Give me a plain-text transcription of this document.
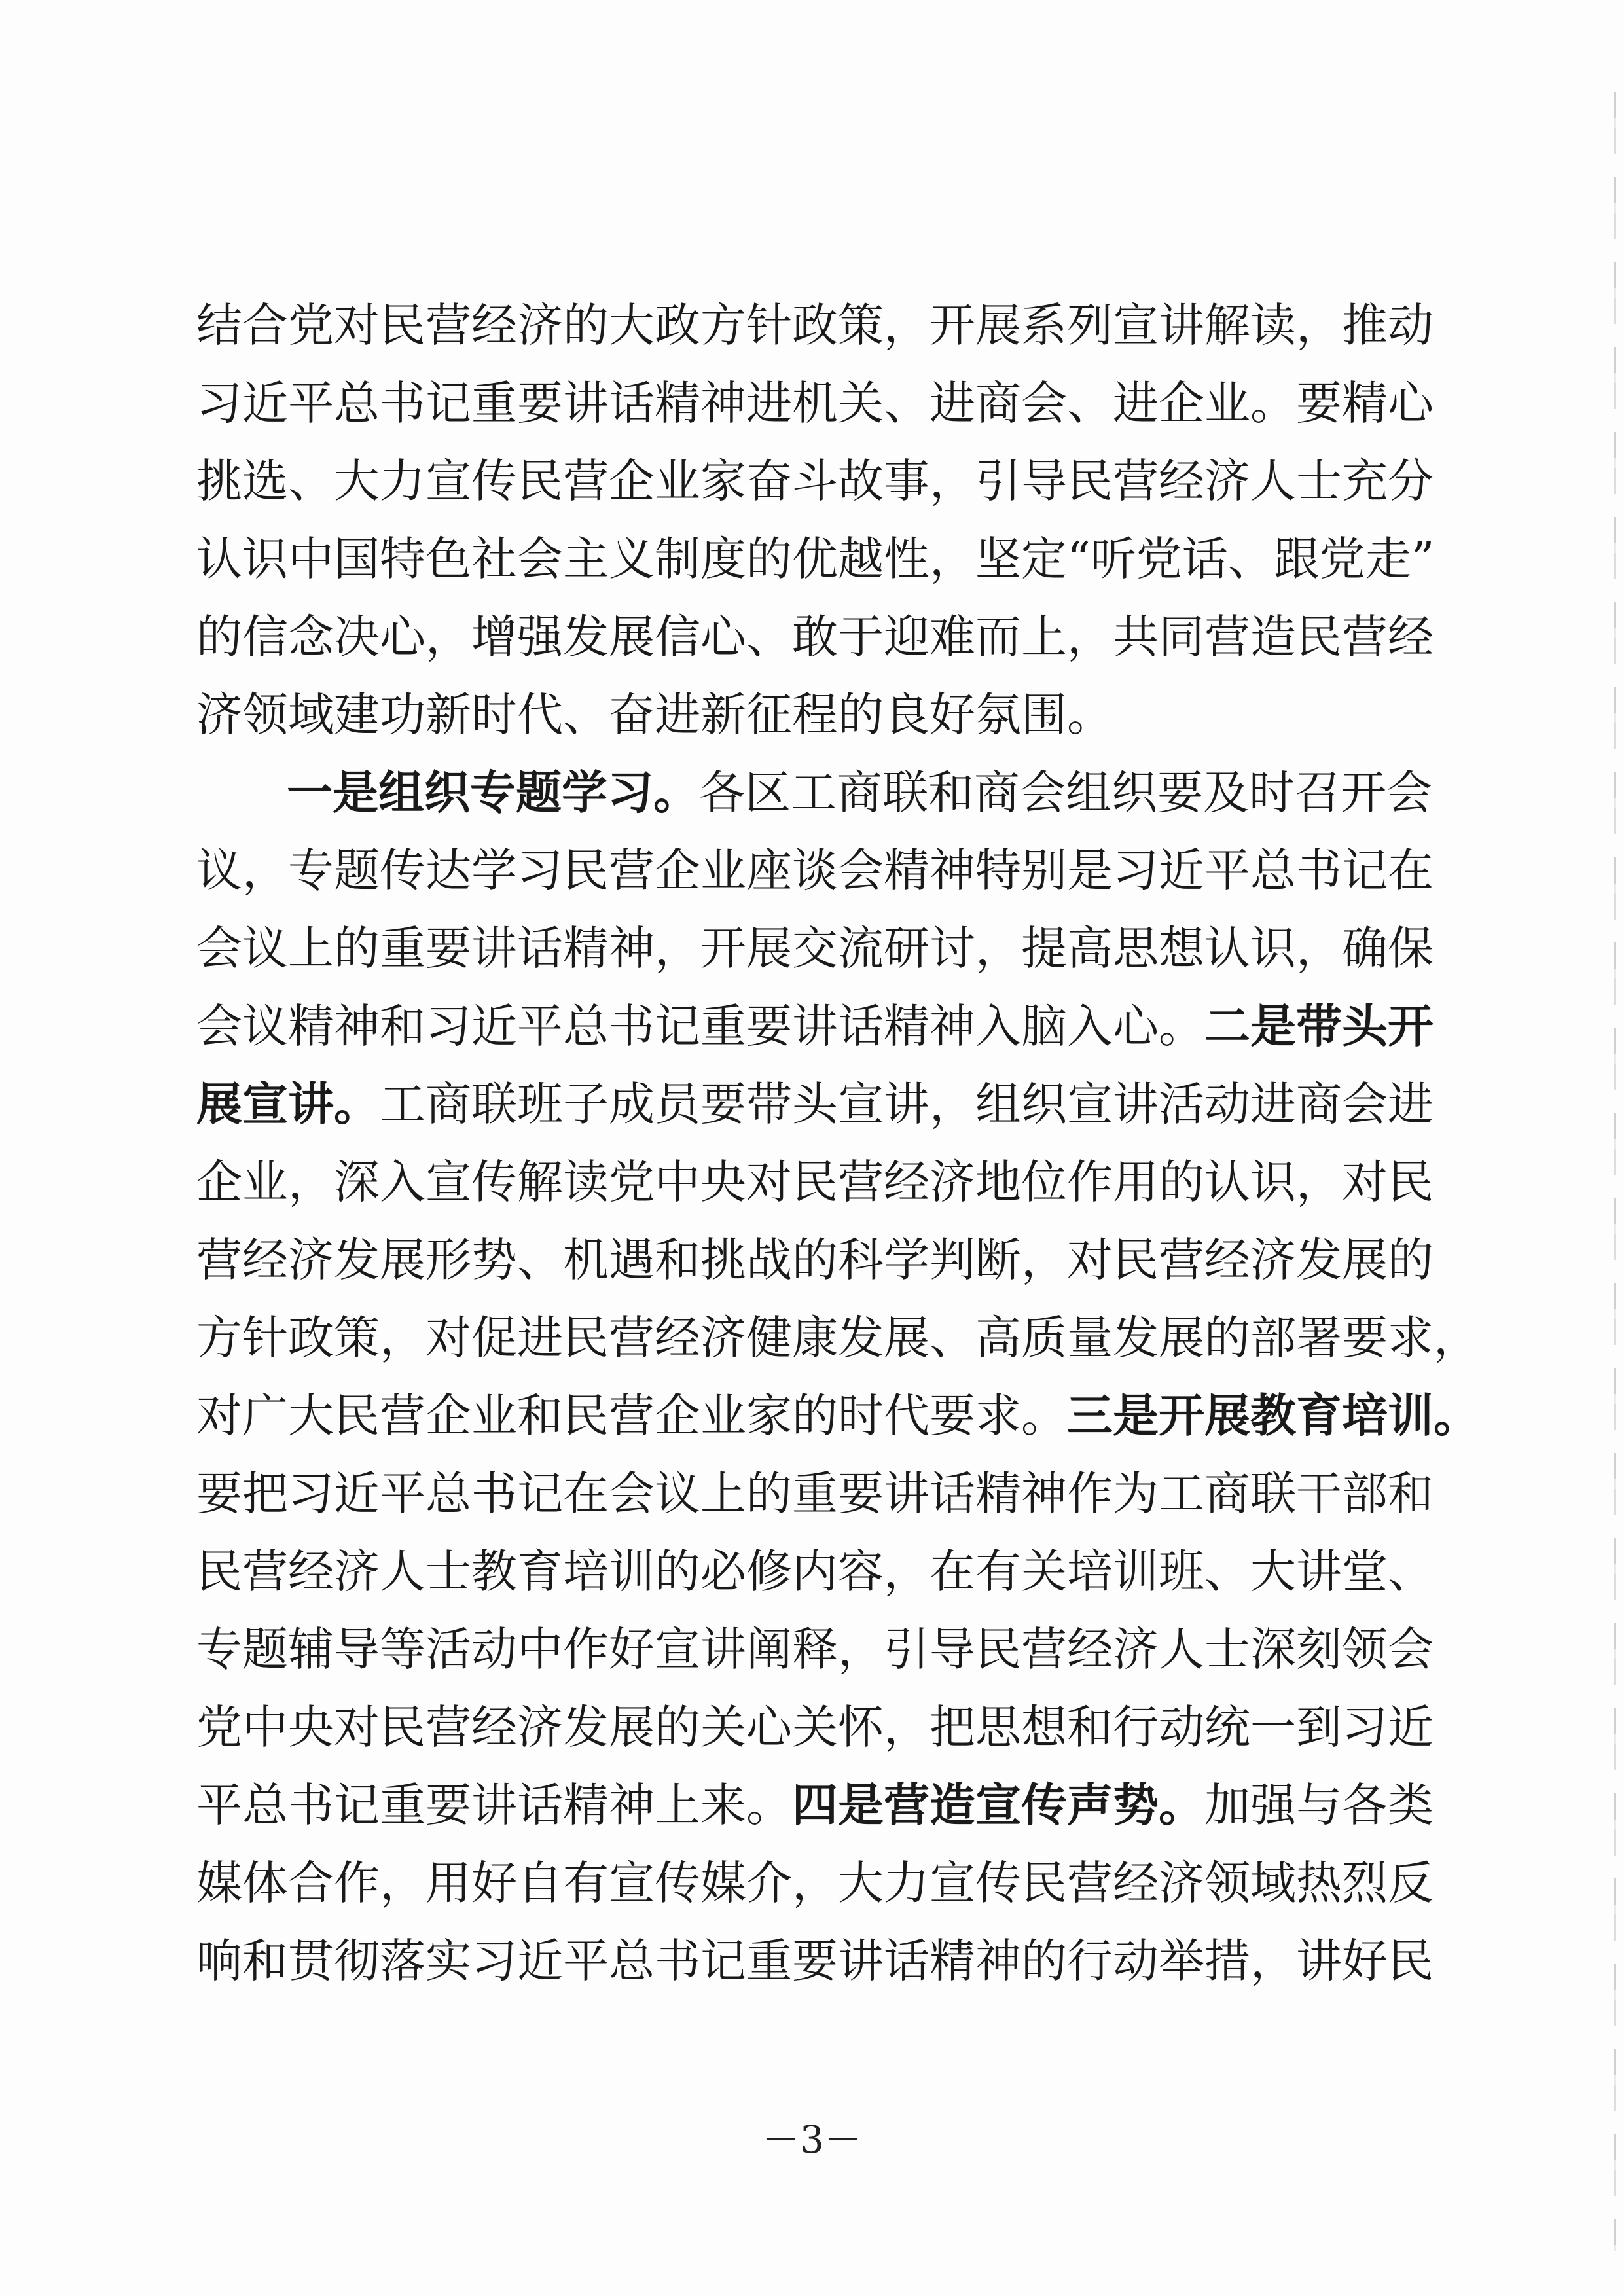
结合党对民营经济的大政方针政策，开展系列宣讲解读，推动
习近平总书记重要讲话精神进机关、进商会、进企业。要精心
挑选、大力宣传民营企业家奋斗故事，引导民营经济人士充分
认识中国特色社会主义制度的优越性，坚定“听党话、跟党走”
的信念决心，增强发展信心、敢于迎难而上，共同营造民营经
济领域建功新时代、奋进新征程的良好氛围。
一是组织专题学习。各区工商联和商会组织要及时召开会
议，专题传达学习民营企业座谈会精神特别是习近平总书记在
会议上的重要讲话精神，开展交流研讨，提高思想认识，确保
会议精神和习近平总书记重要讲话精神入脑入心。二是带头开
展宣讲。工商联班子成员要带头宣讲，组织宣讲活动进商会进
企业，深入宣传解读党中央对民营经济地位作用的认识，对民
营经济发展形势、机遇和挑战的科学判断，对民营经济发展的
方针政策，对促进民营经济健康发展、高质量发展的部署要求，
对广大民营企业和民营企业家的时代要求。三是开展教育培训。
要把习近平总书记在会议上的重要讲话精神作为工商联干部和
民营经济人士教育培训的必修内容，在有关培训班、大讲堂、
专题辅导等活动中作好宣讲阐释，引导民营经济人士深刻领会
党中央对民营经济发展的关心关怀，把思想和行动统一到习近
平总书记重要讲话精神上来。四是营造宣传声势。加强与各类
媒体合作，用好自有宣传媒介，大力宣传民营经济领域热烈反
响和贯彻落实习近平总书记重要讲话精神的行动举措，讲好民
－3－
